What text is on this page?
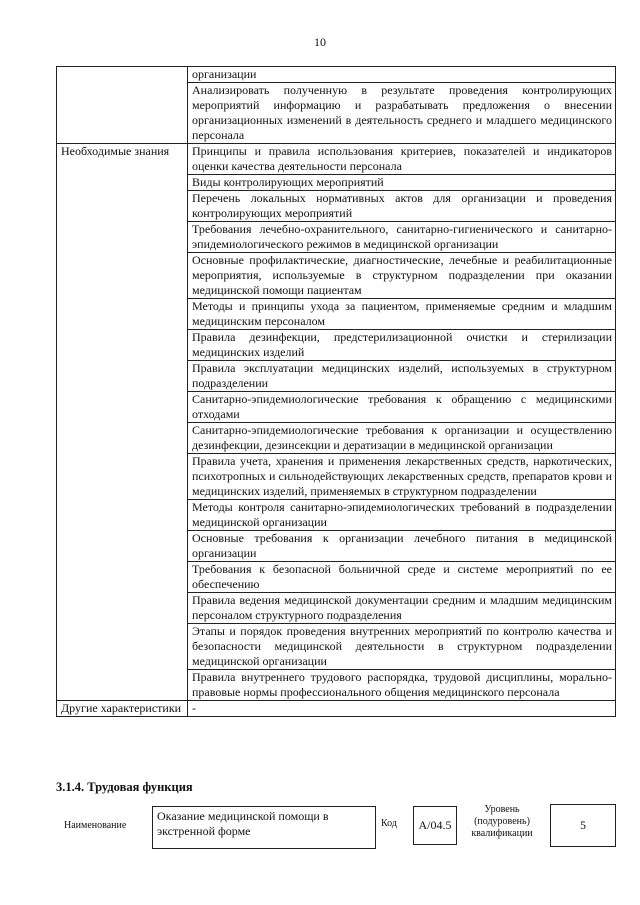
10
	организации
	Анализировать полученную в результате проведения контролирующих мероприятий информацию и разрабатывать предложения о внесении организационных изменений в деятельность среднего и младшего медицинского персонала
Необходимые знания	Принципы и правила использования критериев, показателей и индикаторов оценки качества деятельности персонала
	Виды контролирующих мероприятий
	Перечень локальных нормативных актов для организации и проведения контролирующих мероприятий
	Требования лечебно-охранительного, санитарно-гигиенического и санитарно-эпидемиологического режимов в медицинской организации
	Основные профилактические, диагностические, лечебные и реабилитационные мероприятия, используемые в структурном подразделении при оказании медицинской помощи пациентам
	Методы и принципы ухода за пациентом, применяемые средним и младшим медицинским персоналом
	Правила дезинфекции, предстерилизационной очистки и стерилизации медицинских изделий
	Правила эксплуатации медицинских изделий, используемых в структурном подразделении
	Санитарно-эпидемиологические требования к обращению с медицинскими отходами
	Санитарно-эпидемиологические требования к организации и осуществлению дезинфекции, дезинсекции и дератизации в медицинской организации
	Правила учета, хранения и применения лекарственных средств, наркотических, психотропных и сильнодействующих лекарственных средств, препаратов крови и медицинских изделий, применяемых в структурном подразделении
	Методы контроля санитарно-эпидемиологических требований в подразделении медицинской организации
	Основные требования к организации лечебного питания в медицинской организации
	Требования к безопасной больничной среде и системе мероприятий по ее обеспечению
	Правила ведения медицинской документации средним и младшим медицинским персоналом структурного подразделения
	Этапы и порядок проведения внутренних мероприятий по контролю качества и безопасности медицинской деятельности в структурном подразделении медицинской организации
	Правила внутреннего трудового распорядка, трудовой дисциплины, морально-правовые нормы профессионального общения медицинского персонала
Другие характеристики	-
3.1.4. Трудовая функция
Наименование
Оказание медицинской помощи в экстренной форме
Код	А/04.5
Уровень (подуровень) квалификации
5
